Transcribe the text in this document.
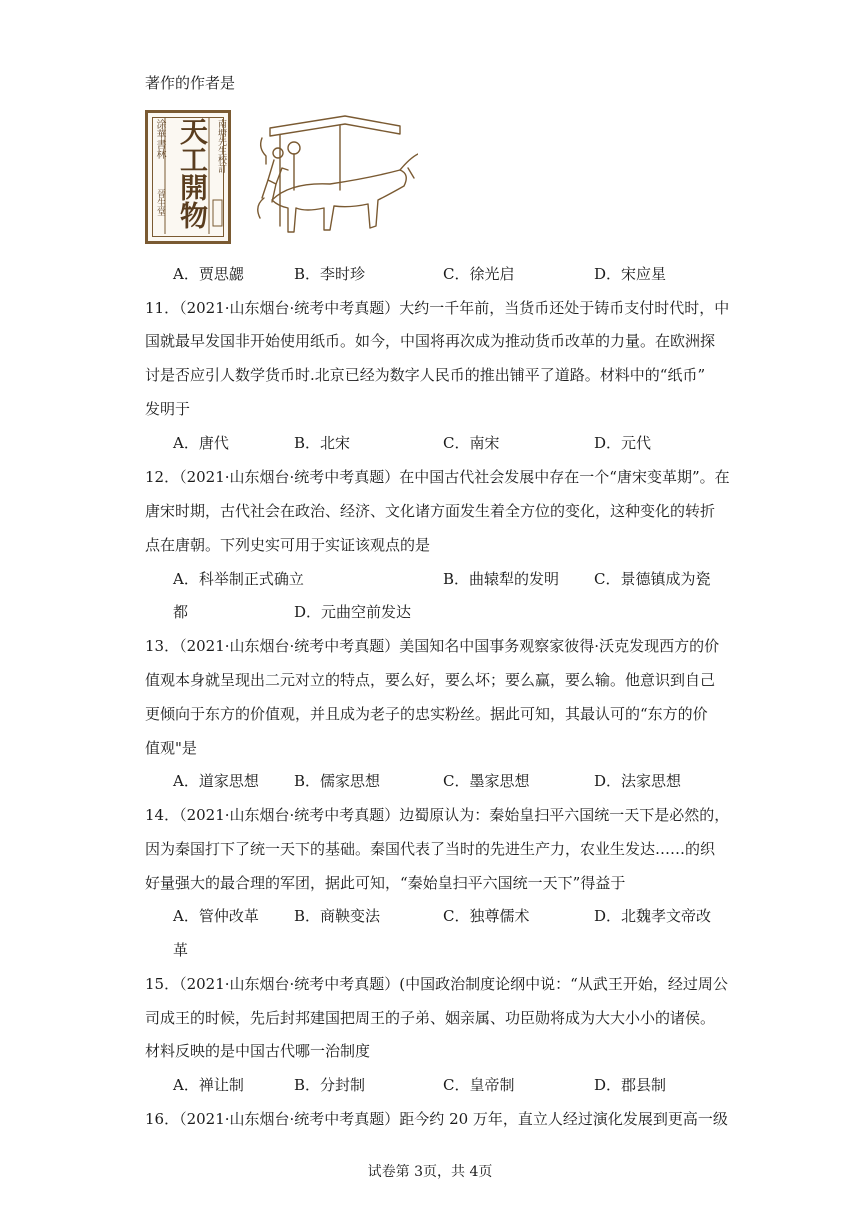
著作的作者是
涂華書林
晉生堂 天工開物 南塘先生校訂
A．贾思勰	B．李时珍	C．徐光启	D．宋应星
11．（2021·山东烟台·统考中考真题）大约一千年前，当货币还处于铸币支付时代时，中
国就最早发国非开始使用纸币。如今，中国将再次成为推动货币改革的力量。在欧洲探
讨是否应引人数学货币时.北京已经为数字人民币的推出铺平了道路。材料中的“纸币”
发明于
A．唐代	B．北宋	C．南宋	D．元代
12．（2021·山东烟台·统考中考真题）在中国古代社会发展中存在一个“唐宋变革期”。在
唐宋时期，古代社会在政治、经济、文化诸方面发生着全方位的变化，这种变化的转折
点在唐朝。下列史实可用于实证该观点的是
A．科举制正式确立	B．曲辕犁的发明 C．景德镇成为瓷
都	D．元曲空前发达
13．（2021·山东烟台·统考中考真题）美国知名中国事务观察家彼得·沃克发现西方的价
值观本身就呈现出二元对立的特点，要么好，要么坏；要么赢，要么输。他意识到自己
更倾向于东方的价值观，并且成为老子的忠实粉丝。据此可知，其最认可的“东方的价
值观"是
A．道家思想 B．儒家思想	C．墨家思想	D．法家思想
14．（2021·山东烟台·统考中考真题）边蜀原认为：秦始皇扫平六国统一天下是必然的，
因为秦国打下了统一天下的基础。秦国代表了当时的先进生产力，农业生发达……的织
好量强大的最合理的军团，据此可知，“秦始皇扫平六国统一天下”得益于
A．管仲改革 B．商鞅变法	C．独尊儒术	D．北魏孝文帝改
革
15．（2021·山东烟台·统考中考真题）(中国政治制度论纲中说：“从武王开始，经过周公
司成王的时候，先后封邦建国把周王的子弟、姻亲属、功臣勋将成为大大小小的诸侯。
材料反映的是中国古代哪一治制度
A．禅让制	B．分封制	C．皇帝制	D．郡县制
16．（2021·山东烟台·统考中考真题）距今约 20 万年，直立人经过演化发展到更高一级
试卷第 3页，共 4页
